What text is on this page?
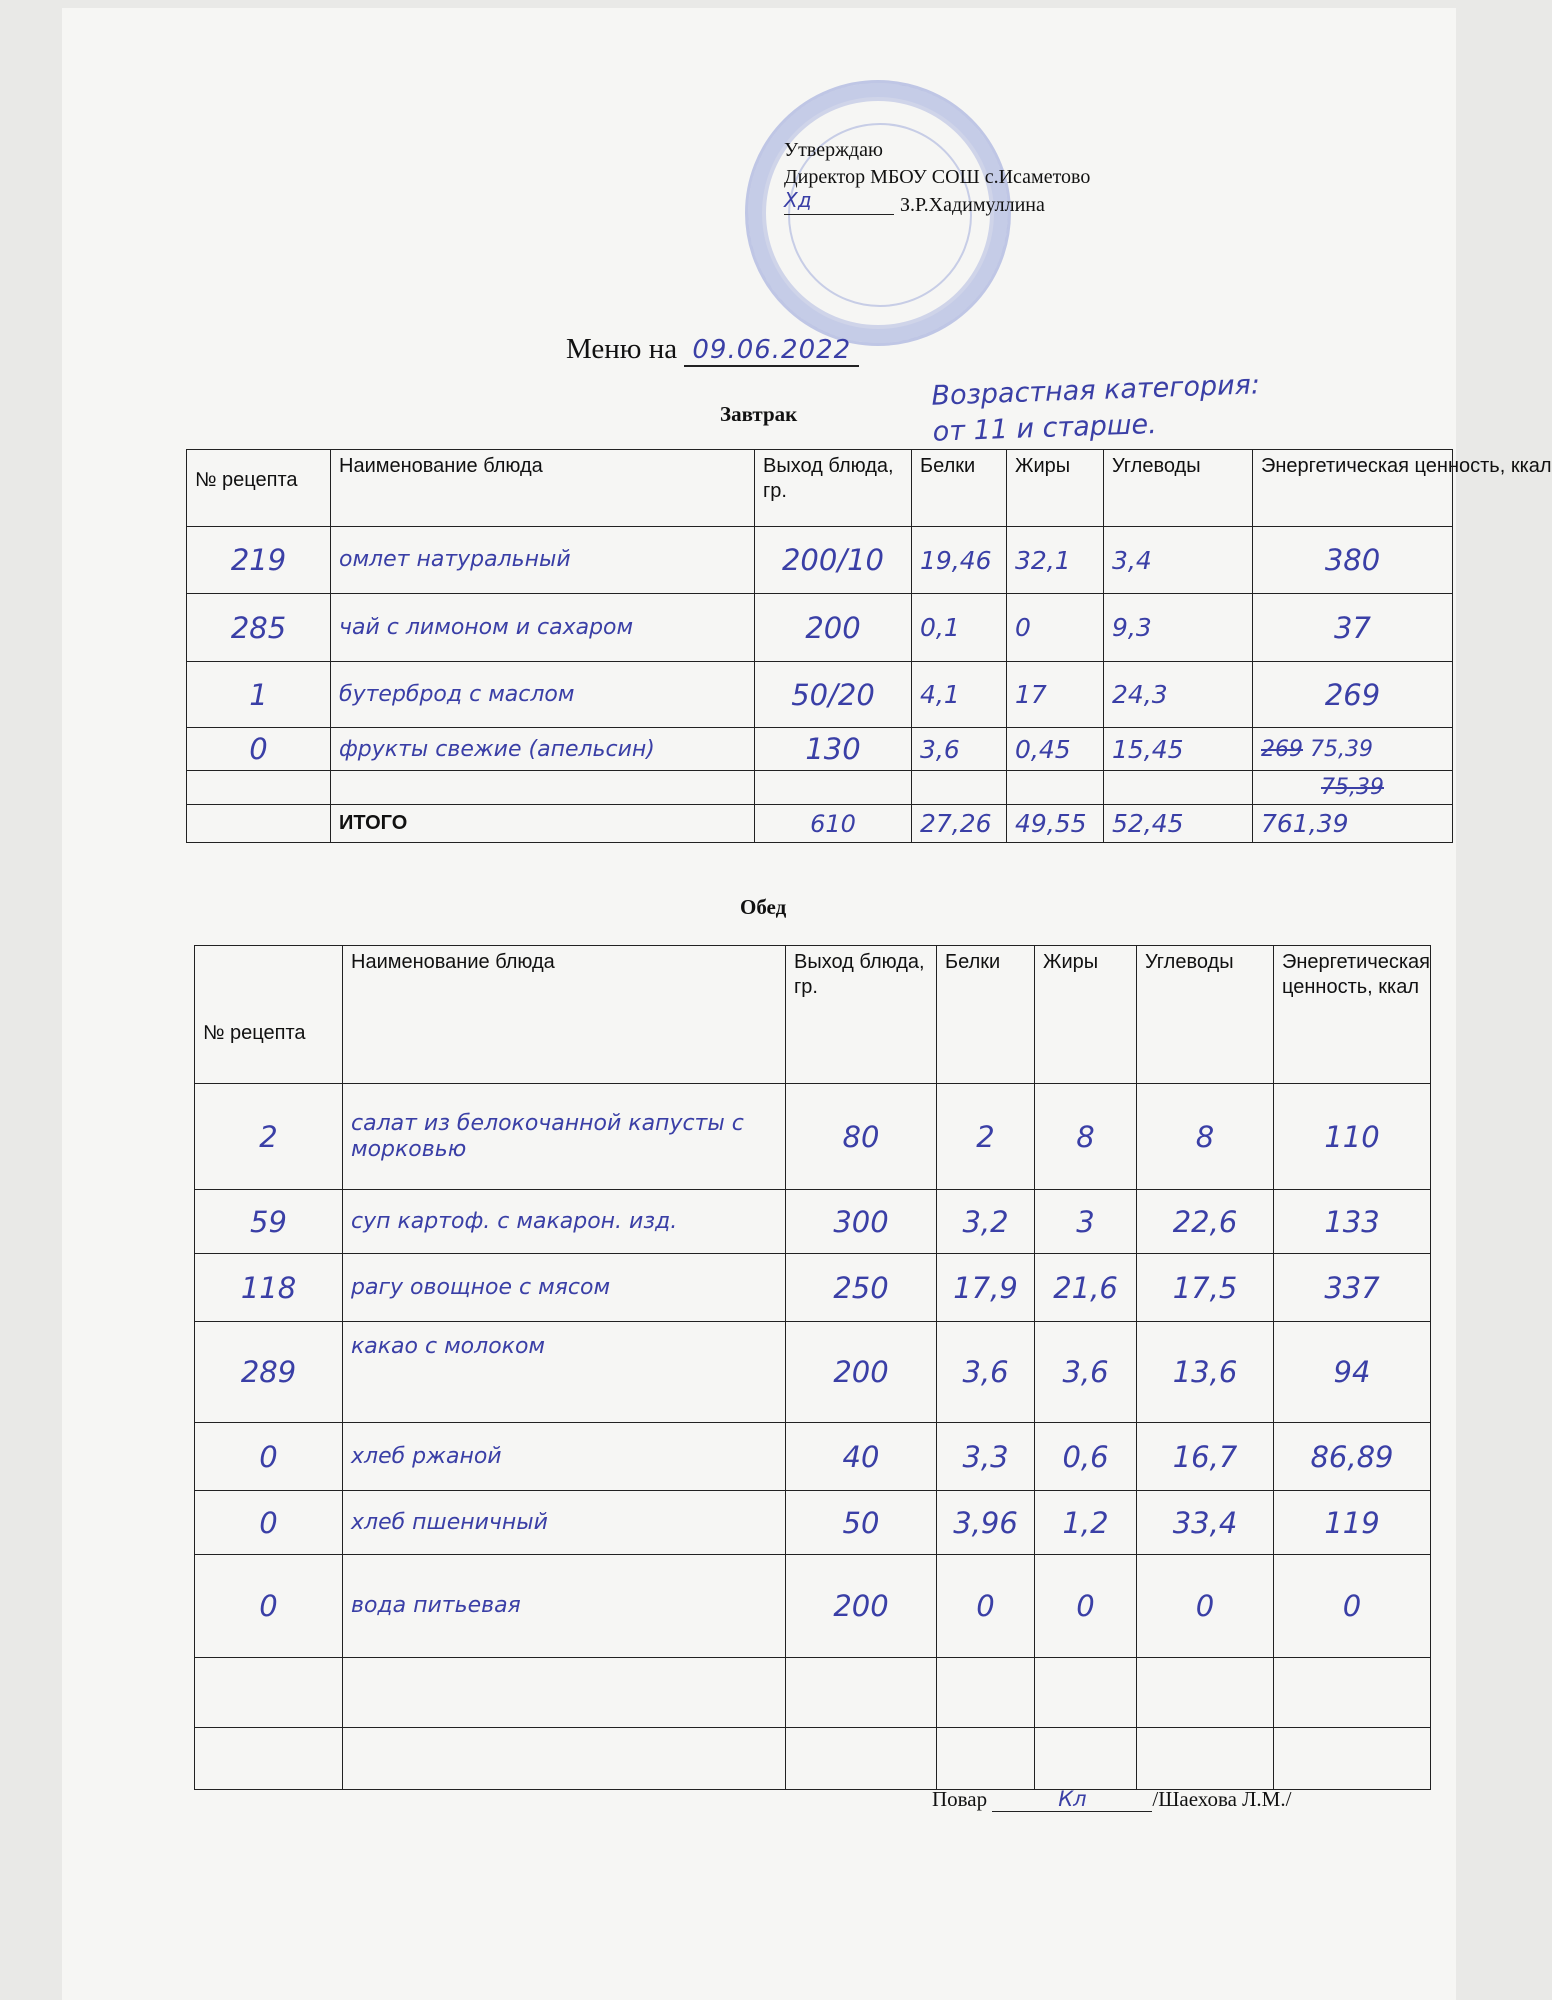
Утверждаю
Директор МБОУ СОШ с.Исаметово
Хд	З.Р.Хадимуллина
Меню на 09.06.2022
Возрастная категория:
от 11 и старше.
Завтрак
№ рецепта	Наименование блюда	Выход блюда, гр.	Белки	Жиры	Углеводы	Энергетическая ценность, ккал
219	омлет натуральный	200/10	19,46	32,1	3,4	380
285	чай с лимоном и сахаром	200	0,1	0	9,3	37
1	бутерброд с маслом	50/20	4,1	17	24,3	269
0	фрукты свежие (апельсин)	130	3,6	0,45	15,45	269 75,39
						75,39
	ИТОГО	610	27,26	49,55	52,45	761,39
Обед
№ рецепта	Наименование блюда	Выход блюда, гр.	Белки	Жиры	Углеводы	Энергетическая ценность, ккал
2	салат из белокочанной капусты с морковью	80	2	8	8	110
59	суп картоф. с макарон. изд.	300	3,2	3	22,6	133
118	рагу овощное с мясом	250	17,9	21,6	17,5	337
289	какао с молоком	200	3,6	3,6	13,6	94
0	хлеб ржаной	40	3,3	0,6	16,7	86,89
0	хлеб пшеничный	50	3,96	1,2	33,4	119
0	вода питьевая	200	0	0	0	0

Повар	Кл	/Шаехова Л.М./
